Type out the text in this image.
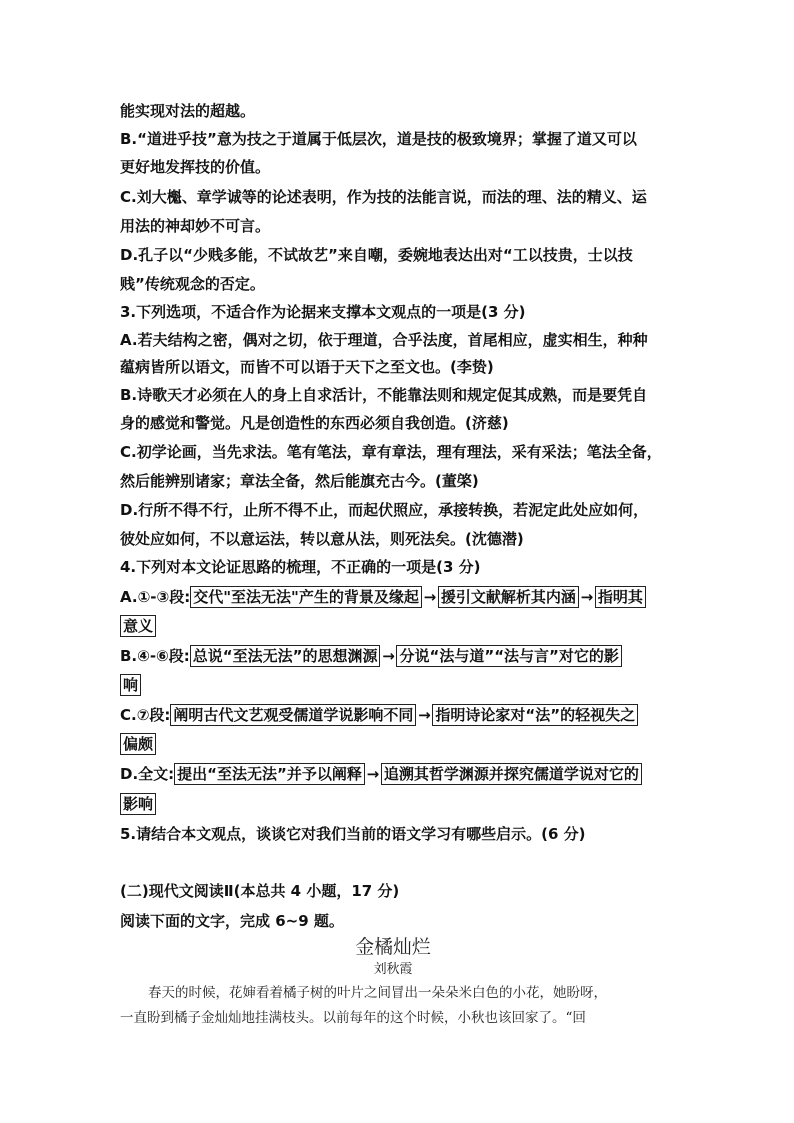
能实现对法的超越。
B.“道进乎技”意为技之于道属于低层次，道是技的极致境界；掌握了道又可以
更好地发挥技的价值。
C.刘大櫆、章学诚等的论述表明，作为技的法能言说，而法的理、法的精义、运
用法的神却妙不可言。
D.孔子以“少贱多能，不试故艺”来自嘲，委婉地表达出对“工以技贵，士以技
贱”传统观念的否定。
3.下列选项，不适合作为论据来支撑本文观点的一项是(3 分)
A.若夫结构之密，偶对之切，依于理道，合乎法度，首尾相应，虚实相生，种种
蕴病皆所以语文，而皆不可以语于天下之至文也。(李贽)
B.诗歌天才必须在人的身上自求活计，不能靠法则和规定促其成熟，而是要凭自
身的感觉和警觉。凡是创造性的东西必须自我创造。(济慈)
C.初学论画，当先求法。笔有笔法，章有章法，理有理法，采有采法；笔法全备，
然后能辨别诸家；章法全备，然后能旗充古今。(董棨)
D.行所不得不行，止所不得不止，而起伏照应，承接转换，若泥定此处应如何，
彼处应如何，不以意运法，转以意从法，则死法矣。(沈德潜)
4.下列对本文论证思路的梳理，不正确的一项是(3 分)
A.①-③段: 交代"至法无法"产生的背景及缘起 → 援引文献解析其内涵 → 指明其
意义
B.④-⑥段: 总说“至法无法”的思想渊源 → 分说“法与道”“法与言”对它的影
响
C.⑦段: 阐明古代文艺观受儒道学说影响不同 → 指明诗论家对“法”的轻视失之
偏颇
D.全文: 提出“至法无法”并予以阐释 → 追溯其哲学渊源并探究儒道学说对它的
影响
5.请结合本文观点，谈谈它对我们当前的语文学习有哪些启示。(6 分)
(二)现代文阅读Ⅱ(本总共 4 小题，17 分)
阅读下面的文字，完成 6~9 题。
金橘灿烂
刘秋霞
春天的时候，花婶看着橘子树的叶片之间冒出一朵朵米白色的小花，她盼呀，
一直盼到橘子金灿灿地挂满枝头。以前每年的这个时候，小秋也该回家了。“回
